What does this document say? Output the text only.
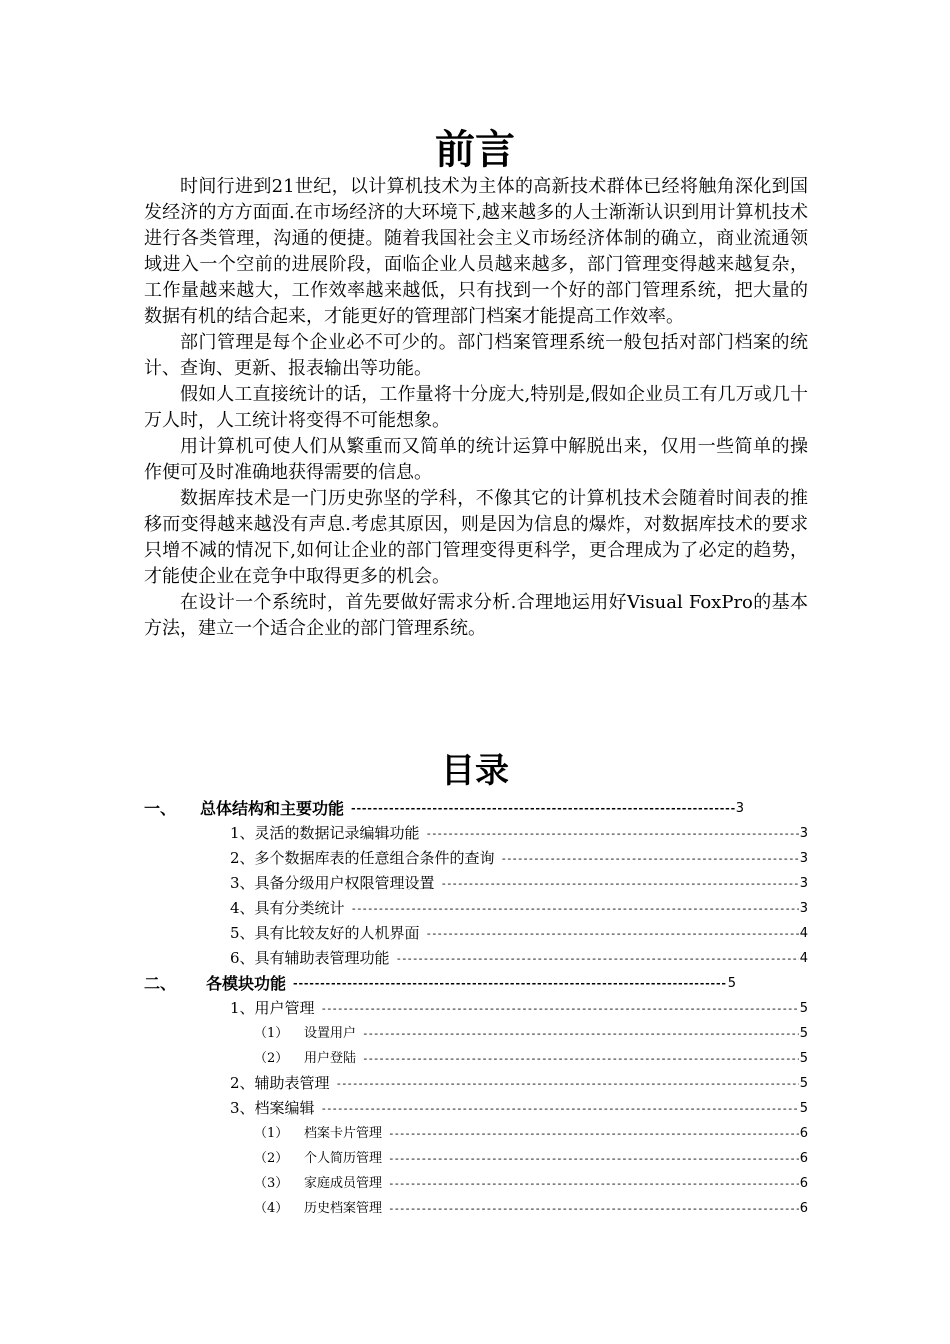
前言

时间行进到21世纪，以计算机技术为主体的高新技术群体已经将触角深化到国发经济的方方面面.在市场经济的大环境下,越来越多的人士渐渐认识到用计算机技术进行各类管理，沟通的便捷。随着我国社会主义市场经济体制的确立，商业流通领域进入一个空前的进展阶段，面临企业人员越来越多，部门管理变得越来越复杂，工作量越来越大，工作效率越来越低，只有找到一个好的部门管理系统，把大量的数据有机的结合起来，才能更好的管理部门档案才能提高工作效率。

部门管理是每个企业必不可少的。部门档案管理系统一般包括对部门档案的统计、查询、更新、报表输出等功能。

假如人工直接统计的话，工作量将十分庞大,特别是,假如企业员工有几万或几十万人时，人工统计将变得不可能想象。

用计算机可使人们从繁重而又简单的统计运算中解脱出来，仅用一些简单的操作便可及时准确地获得需要的信息。

数据库技术是一门历史弥坚的学科，不像其它的计算机技术会随着时间表的推移而变得越来越没有声息.考虑其原因，则是因为信息的爆炸，对数据库技术的要求只增不减的情况下,如何让企业的部门管理变得更科学，更合理成为了必定的趋势，才能使企业在竞争中取得更多的机会。

在设计一个系统时，首先要做好需求分析.合理地运用好Visual FoxPro的基本方法，建立一个适合企业的部门管理系统。

目录
一、	总体结构和主要功能 -----	3
1、灵活的数据记录编辑功能 -----	3
2、多个数据库表的任意组合条件的查询 -----	3
3、具备分级用户权限管理设置 -----	3
4、具有分类统计 -----	3
5、具有比较友好的人机界面 -----	4
6、具有辅助表管理功能 -----	4
二、	各模块功能 -----	5
1、用户管理 -----	5
（1）	设置用户 -----	5
（2）	用户登陆 -----	5
2、辅助表管理 -----	5
3、档案编辑 -----	5
（1）	档案卡片管理 -----	6
（2）	个人简历管理 -----	6
（3）	家庭成员管理 -----	6
（4）	历史档案管理 -----	6
